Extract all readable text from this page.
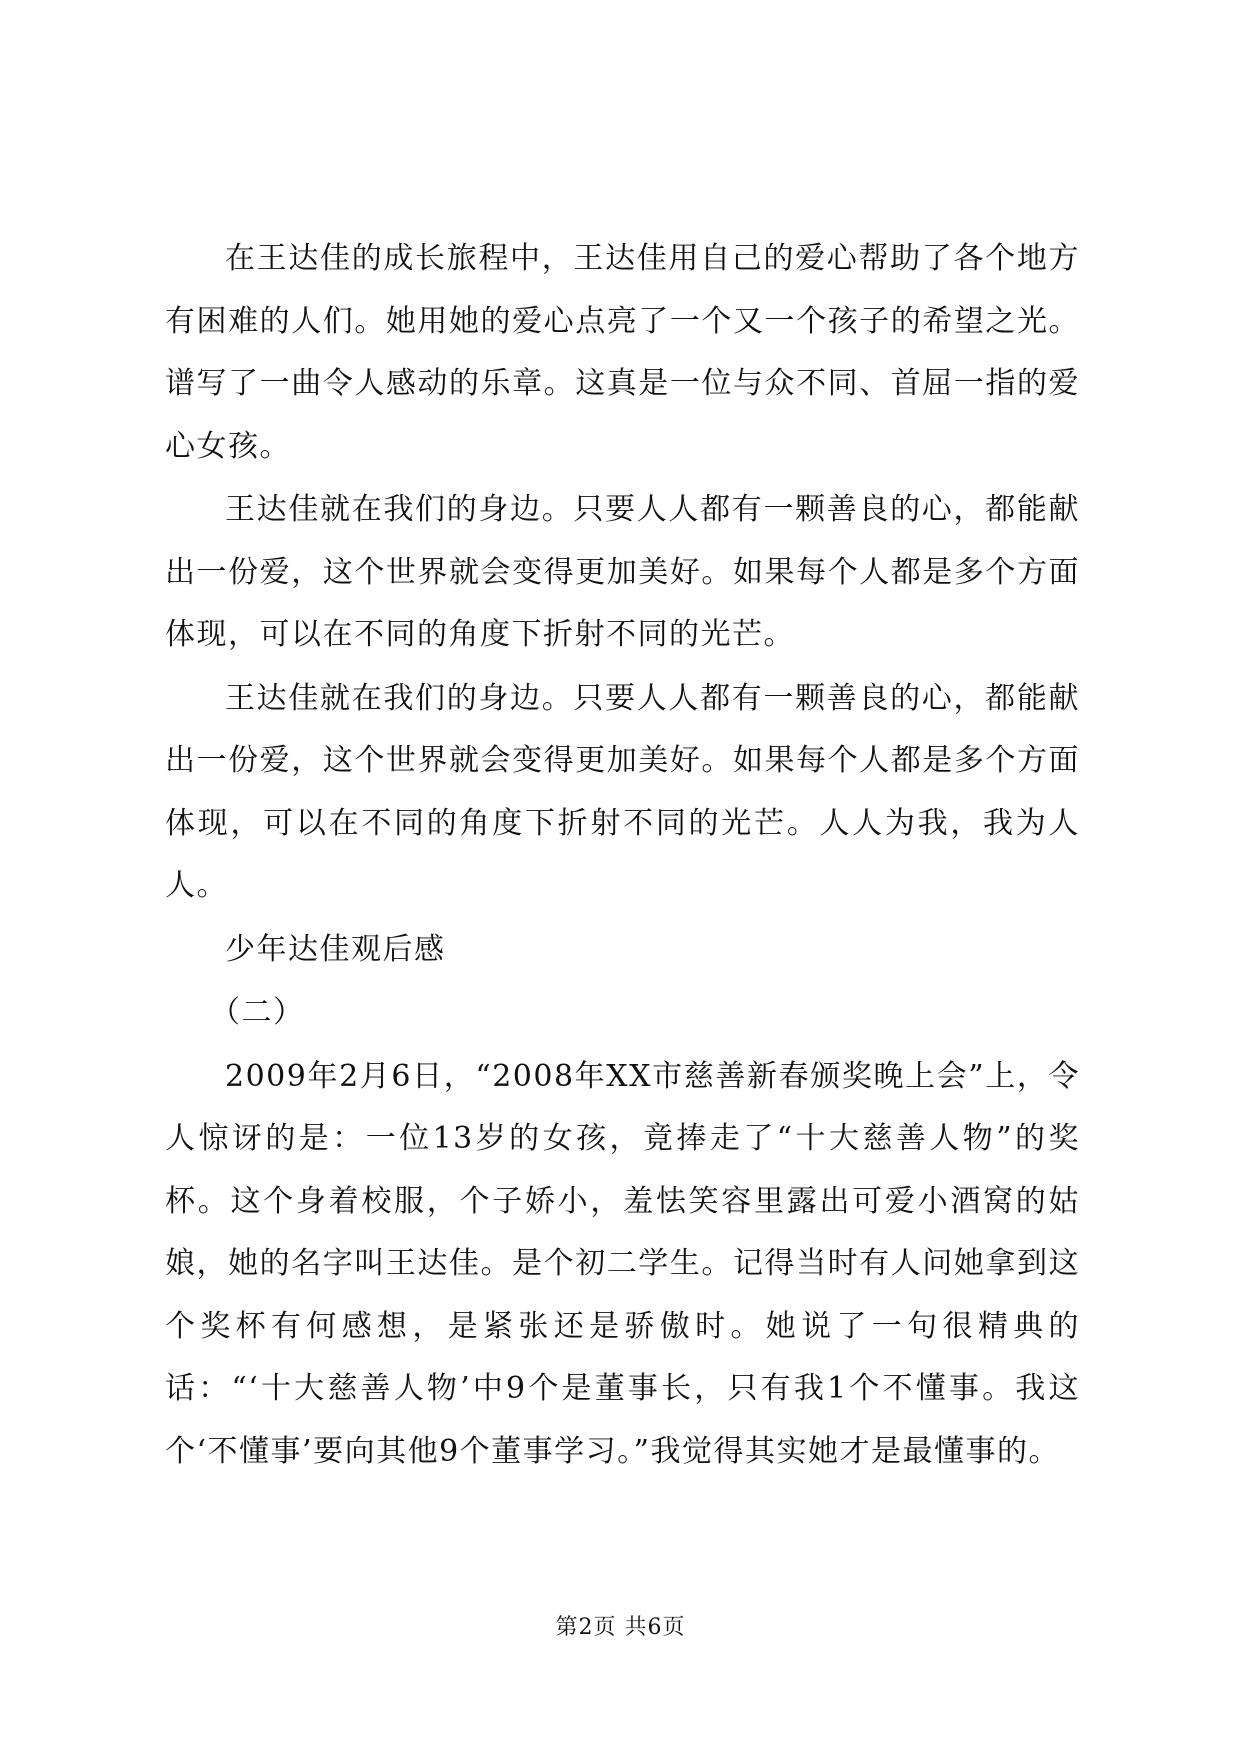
在王达佳的成长旅程中，王达佳用自己的爱心帮助了各个地方有困难的人们。她用她的爱心点亮了一个又一个孩子的希望之光。谱写了一曲令人感动的乐章。这真是一位与众不同、首屈一指的爱心女孩。

王达佳就在我们的身边。只要人人都有一颗善良的心，都能献出一份爱，这个世界就会变得更加美好。如果每个人都是多个方面体现，可以在不同的角度下折射不同的光芒。

王达佳就在我们的身边。只要人人都有一颗善良的心，都能献出一份爱，这个世界就会变得更加美好。如果每个人都是多个方面体现，可以在不同的角度下折射不同的光芒。人人为我，我为人人。

少年达佳观后感

（二）

2009年2月6日，“2008年XX市慈善新春颁奖晚上会”上，令人惊讶的是：一位13岁的女孩，竟捧走了“十大慈善人物”的奖杯。这个身着校服，个子娇小，羞怯笑容里露出可爱小酒窝的姑娘，她的名字叫王达佳。是个初二学生。记得当时有人问她拿到这个奖杯有何感想，是紧张还是骄傲时。她说了一句很精典的话：“‘十大慈善人物’中9个是董事长，只有我1个不懂事。我这个‘不懂事’要向其他9个董事学习。”我觉得其实她才是最懂事的。

第2页 共6页
